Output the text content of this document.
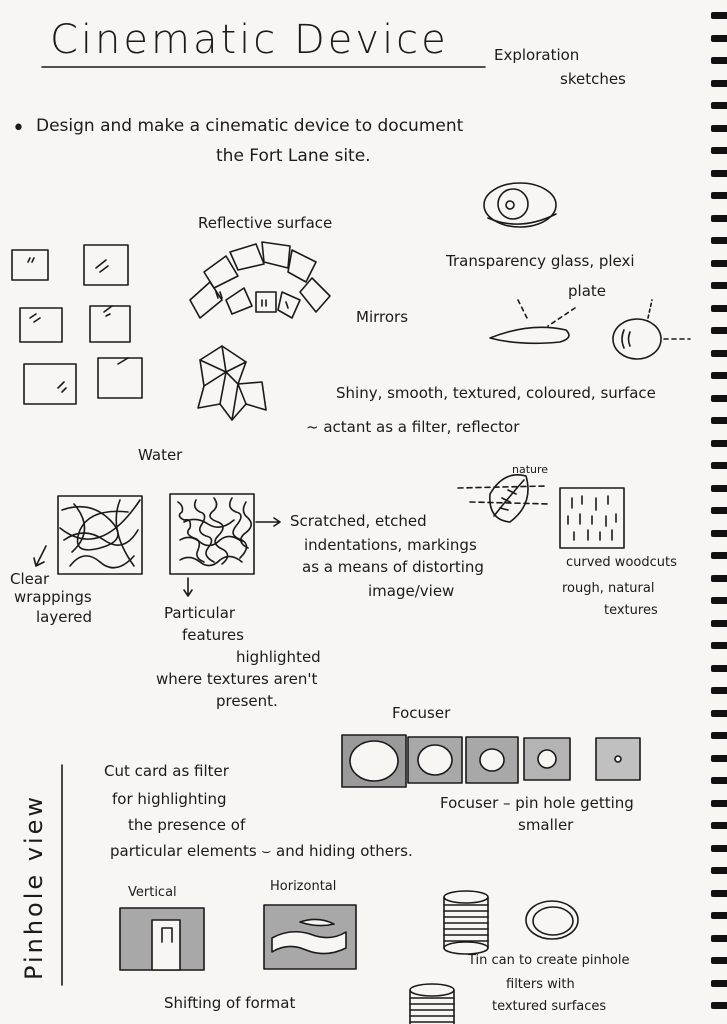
Cinematic Device	Exploration
sketches
• Design and make a cinematic device to document
the Fort Lane site.
Reflective surface
Mirrors
Transparency glass, plexi
plate
Shiny, smooth, textured, coloured, surface
~ actant as a filter, reflector
Water
Clear
wrappings
layered
Scratched, etched
indentations, markings
as a means of distorting
image/view
Particular
features
highlighted
where textures aren't
present.
nature
curved woodcuts
rough, natural
textures
Focuser
Focuser – pin hole getting
smaller
Pinhole view
Cut card as filter
for highlighting
the presence of
particular elements ⌣ and hiding others.
Vertical	Horizontal
Shifting of format
Tin can to create pinhole
filters with
textured surfaces
